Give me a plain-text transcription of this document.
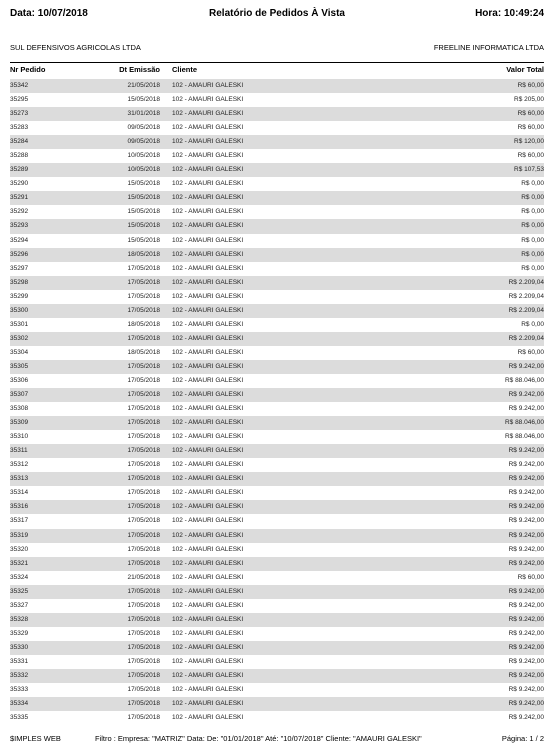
Data: 10/07/2018	Relatório de Pedidos À Vista	Hora: 10:49:24
SUL DEFENSIVOS AGRICOLAS LTDA	FREELINE INFORMATICA LTDA
Nr Pedido	Dt Emissão Cliente	Valor Total
35342	21/05/2018 102 - AMAURI GALESKI	R$ 60,00
35295	15/05/2018 102 - AMAURI GALESKI	R$ 205,00
35273	31/01/2018 102 - AMAURI GALESKI	R$ 60,00
35283	09/05/2018 102 - AMAURI GALESKI	R$ 60,00
35284	09/05/2018 102 - AMAURI GALESKI	R$ 120,00
35288	10/05/2018 102 - AMAURI GALESKI	R$ 60,00
35289	10/05/2018 102 - AMAURI GALESKI	R$ 107,53
35290	15/05/2018 102 - AMAURI GALESKI	R$ 0,00
35291	15/05/2018 102 - AMAURI GALESKI	R$ 0,00
35292	15/05/2018 102 - AMAURI GALESKI	R$ 0,00
35293	15/05/2018 102 - AMAURI GALESKI	R$ 0,00
35294	15/05/2018 102 - AMAURI GALESKI	R$ 0,00
35296	18/05/2018 102 - AMAURI GALESKI	R$ 0,00
35297	17/05/2018 102 - AMAURI GALESKI	R$ 0,00
35298	17/05/2018 102 - AMAURI GALESKI	R$ 2.209,04
35299	17/05/2018 102 - AMAURI GALESKI	R$ 2.209,04
35300	17/05/2018 102 - AMAURI GALESKI	R$ 2.209,04
35301	18/05/2018 102 - AMAURI GALESKI	R$ 0,00
35302	17/05/2018 102 - AMAURI GALESKI	R$ 2.209,04
35304	18/05/2018 102 - AMAURI GALESKI	R$ 60,00
35305	17/05/2018 102 - AMAURI GALESKI	R$ 9.242,00
35306	17/05/2018 102 - AMAURI GALESKI	R$ 88.046,00
35307	17/05/2018 102 - AMAURI GALESKI	R$ 9.242,00
35308	17/05/2018 102 - AMAURI GALESKI	R$ 9.242,00
35309	17/05/2018 102 - AMAURI GALESKI	R$ 88.046,00
35310	17/05/2018 102 - AMAURI GALESKI	R$ 88.046,00
35311	17/05/2018 102 - AMAURI GALESKI	R$ 9.242,00
35312	17/05/2018 102 - AMAURI GALESKI	R$ 9.242,00
35313	17/05/2018 102 - AMAURI GALESKI	R$ 9.242,00
35314	17/05/2018 102 - AMAURI GALESKI	R$ 9.242,00
35316	17/05/2018 102 - AMAURI GALESKI	R$ 9.242,00
35317	17/05/2018 102 - AMAURI GALESKI	R$ 9.242,00
35319	17/05/2018 102 - AMAURI GALESKI	R$ 9.242,00
35320	17/05/2018 102 - AMAURI GALESKI	R$ 9.242,00
35321	17/05/2018 102 - AMAURI GALESKI	R$ 9.242,00
35324	21/05/2018 102 - AMAURI GALESKI	R$ 60,00
35325	17/05/2018 102 - AMAURI GALESKI	R$ 9.242,00
35327	17/05/2018 102 - AMAURI GALESKI	R$ 9.242,00
35328	17/05/2018 102 - AMAURI GALESKI	R$ 9.242,00
35329	17/05/2018 102 - AMAURI GALESKI	R$ 9.242,00
35330	17/05/2018 102 - AMAURI GALESKI	R$ 9.242,00
35331	17/05/2018 102 - AMAURI GALESKI	R$ 9.242,00
35332	17/05/2018 102 - AMAURI GALESKI	R$ 9.242,00
35333	17/05/2018 102 - AMAURI GALESKI	R$ 9.242,00
35334	17/05/2018 102 - AMAURI GALESKI	R$ 9.242,00
35335	17/05/2018 102 - AMAURI GALESKI	R$ 9.242,00
$IMPLES WEB	Filtro : Empresa: "MATRIZ" Data: De: "01/01/2018" Até: "10/07/2018" Cliente: "AMAURI GALESKI"	Página: 1 / 2
